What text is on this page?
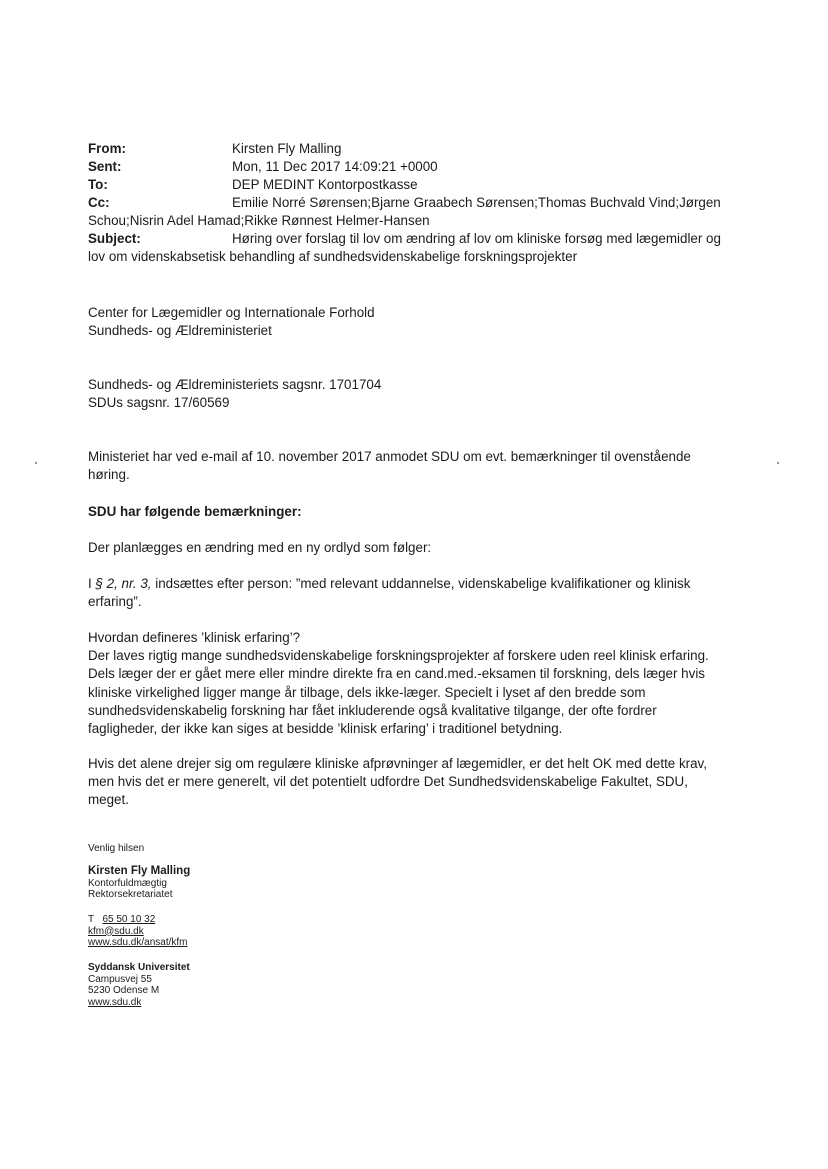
From:	Kirsten Fly Malling
Sent:	Mon, 11 Dec 2017 14:09:21 +0000
To:	DEP MEDINT Kontorpostkasse
Cc:	Emilie Norré Sørensen;Bjarne Graabech Sørensen;Thomas Buchvald Vind;Jørgen
Schou;Nisrin Adel Hamad;Rikke Rønnest Helmer-Hansen
Subject:	Høring over forslag til lov om ændring af lov om kliniske forsøg med lægemidler og
lov om videnskabsetisk behandling af sundhedsvidenskabelige forskningsprojekter
Center for Lægemidler og Internationale Forhold
Sundheds- og Ældreministeriet
Sundheds- og Ældreministeriets sagsnr. 1701704
SDUs sagsnr. 17/60569
Ministeriet har ved e-mail af 10. november 2017 anmodet SDU om evt. bemærkninger til ovenstående
høring.
SDU har følgende bemærkninger:
Der planlægges en ændring med en ny ordlyd som følger:
I § 2, nr. 3, indsættes efter person: ”med relevant uddannelse, videnskabelige kvalifikationer og klinisk
erfaring”.
Hvordan defineres ’klinisk erfaring’?
Der laves rigtig mange sundhedsvidenskabelige forskningsprojekter af forskere uden reel klinisk erfaring.
Dels læger der er gået mere eller mindre direkte fra en cand.med.-eksamen til forskning, dels læger hvis
kliniske virkelighed ligger mange år tilbage, dels ikke-læger. Specielt i lyset af den bredde som
sundhedsvidenskabelig forskning har fået inkluderende også kvalitative tilgange, der ofte fordrer
fagligheder, der ikke kan siges at besidde ’klinisk erfaring’ i traditionel betydning.
Hvis det alene drejer sig om regulære kliniske afprøvninger af lægemidler, er det helt OK med dette krav,
men hvis det er mere generelt, vil det potentielt udfordre Det Sundhedsvidenskabelige Fakultet, SDU,
meget.
Venlig hilsen
Kirsten Fly Malling
Kontorfuldmægtig
Rektorsekretariatet
T 65 50 10 32
kfm@sdu.dk
www.sdu.dk/ansat/kfm
Syddansk Universitet
Campusvej 55
5230 Odense M
www.sdu.dk
